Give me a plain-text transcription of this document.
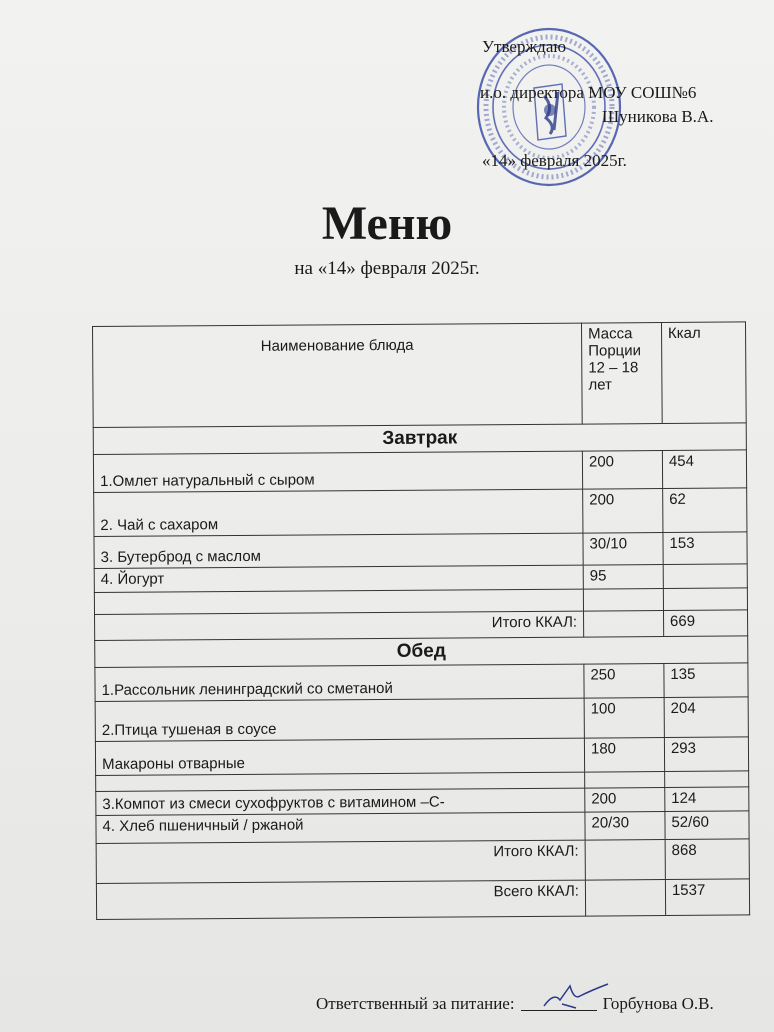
Утверждаю
и.о. директора МОУ СОШ№6
Шуникова В.А.
«14» февраля 2025г.
Меню
на «14» февраля 2025г.
Наименование блюда	Масса Порции 12 – 18 лет	Ккал
Завтрак		
1.Омлет натуральный с сыром	200	454
2. Чай с сахаром	200	62
3. Бутерброд с маслом	30/10	153
4. Йогурт	95	

Итого ККАЛ:		669
Обед		
1.Рассольник ленинградский со сметаной	250	135
2.Птица тушеная в соусе	100	204
Макароны отварные	180	293

3.Компот из смеси сухофруктов с витамином –С-	200	124
4. Хлеб пшеничный / ржаной	20/30	52/60
Итого ККАЛ:		868
Всего ККАЛ:		1537
Ответственный за питание:	Горбунова О.В.
